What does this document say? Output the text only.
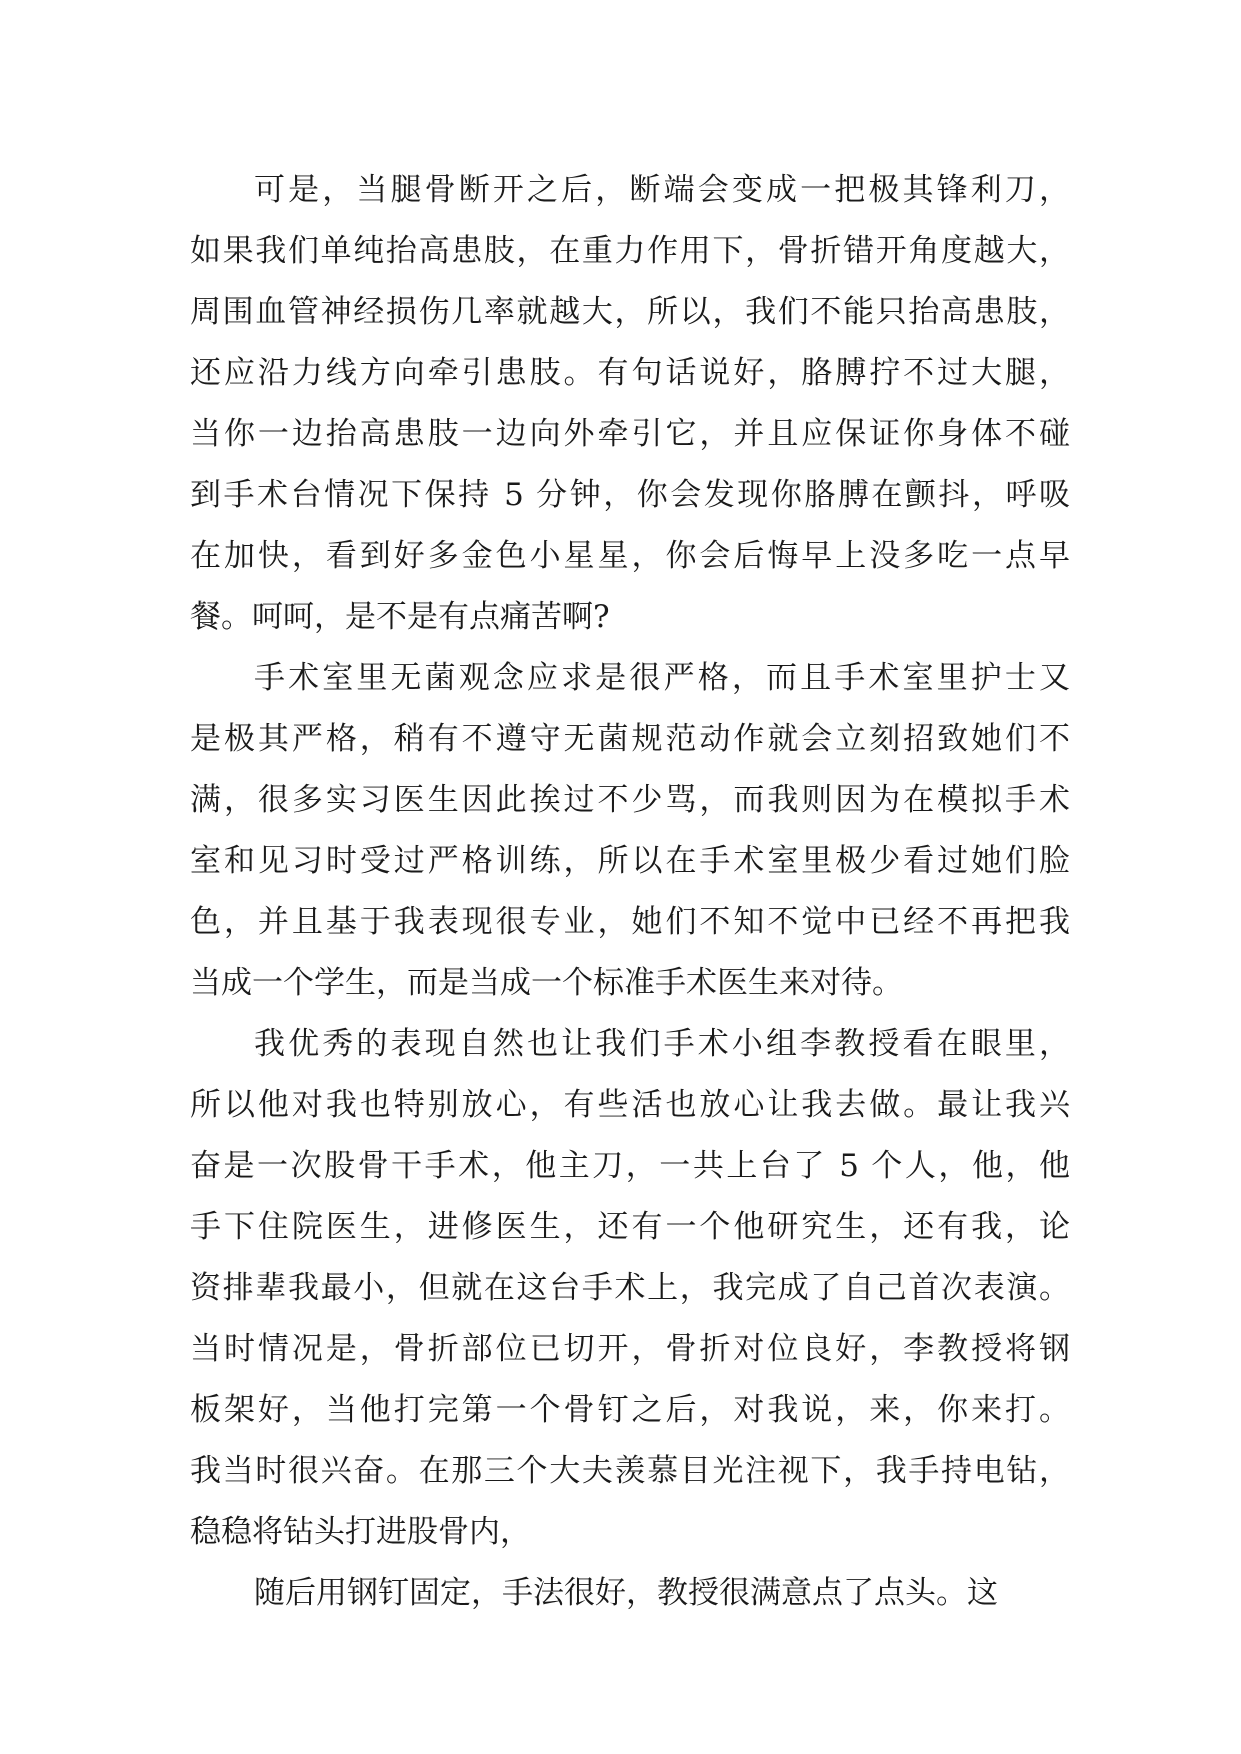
可是，当腿骨断开之后，断端会变成一把极其锋利刀，
如果我们单纯抬高患肢，在重力作用下，骨折错开角度越大，
周围血管神经损伤几率就越大，所以，我们不能只抬高患肢，
还应沿力线方向牵引患肢。有句话说好，胳膊拧不过大腿，
当你一边抬高患肢一边向外牵引它，并且应保证你身体不碰
到手术台情况下保持 5 分钟，你会发现你胳膊在颤抖，呼吸
在加快，看到好多金色小星星，你会后悔早上没多吃一点早
餐。呵呵，是不是有点痛苦啊?
手术室里无菌观念应求是很严格，而且手术室里护士又
是极其严格，稍有不遵守无菌规范动作就会立刻招致她们不
满，很多实习医生因此挨过不少骂，而我则因为在模拟手术
室和见习时受过严格训练，所以在手术室里极少看过她们脸
色，并且基于我表现很专业，她们不知不觉中已经不再把我
当成一个学生，而是当成一个标准手术医生来对待。
我优秀的表现自然也让我们手术小组李教授看在眼里，
所以他对我也特别放心，有些活也放心让我去做。最让我兴
奋是一次股骨干手术，他主刀，一共上台了 5 个人，他，他
手下住院医生，进修医生，还有一个他研究生，还有我，论
资排辈我最小，但就在这台手术上，我完成了自己首次表演。
当时情况是，骨折部位已切开，骨折对位良好，李教授将钢
板架好，当他打完第一个骨钉之后，对我说，来，你来打。
我当时很兴奋。在那三个大夫羡慕目光注视下，我手持电钻，
稳稳将钻头打进股骨内，
随后用钢钉固定，手法很好，教授很满意点了点头。这
